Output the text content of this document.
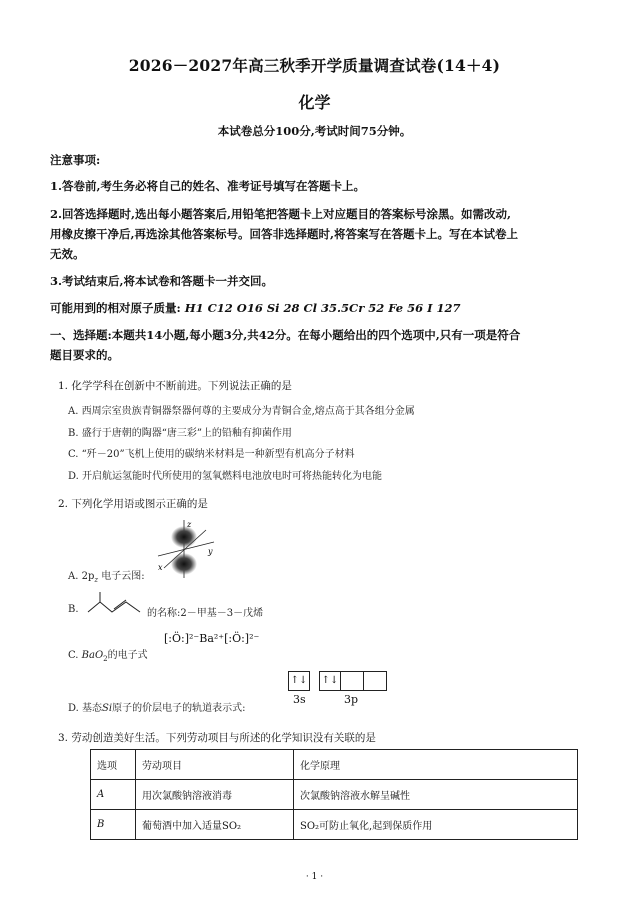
2026－2027年高三秋季开学质量调查试卷(14＋4)
化学
本试卷总分100分,考试时间75分钟。
注意事项:
1.答卷前,考生务必将自己的姓名、准考证号填写在答题卡上。
2.回答选择题时,选出每小题答案后,用铅笔把答题卡上对应题目的答案标号涂黑。如需改动,
用橡皮擦干净后,再选涂其他答案标号。回答非选择题时,将答案写在答题卡上。写在本试卷上
无效。
3.考试结束后,将本试卷和答题卡一并交回。
可能用到的相对原子质量: H1 C12 O16 Si 28 Cl 35.5Cr 52 Fe 56 I 127
一、选择题:本题共14小题,每小题3分,共42分。在每小题给出的四个选项中,只有一项是符合
题目要求的。
1. 化学学科在创新中不断前进。下列说法正确的是
A. 西周宗室贵族青铜器祭器何尊的主要成分为青铜合金,熔点高于其各组分金属
B. 盛行于唐朝的陶器“唐三彩”上的铅釉有抑菌作用
C. “歼－20”飞机上使用的碳纳米材料是一种新型有机高分子材料
D. 开启航运氢能时代所使用的氢氧燃料电池放电时可将热能转化为电能
2. 下列化学用语或图示正确的是
z
y
x
A. $2p_z$ 电子云图:
B.	的名称:2－甲基－3－戊烯
C. BaO$_2$的电子式
[:Ö:]²⁻Ba²⁺[:Ö:]²⁻
↑↓ ↑↓
3s	3p
D. 基态Si原子的价层电子的轨道表示式:
3. 劳动创造美好生活。下列劳动项目与所述的化学知识没有关联的是
选项	劳动项目	化学原理
A	用次氯酸钠溶液消毒	次氯酸钠溶液水解呈碱性
B	葡萄酒中加入适量SO₂	SO₂可防止氧化,起到保质作用
· 1 ·
